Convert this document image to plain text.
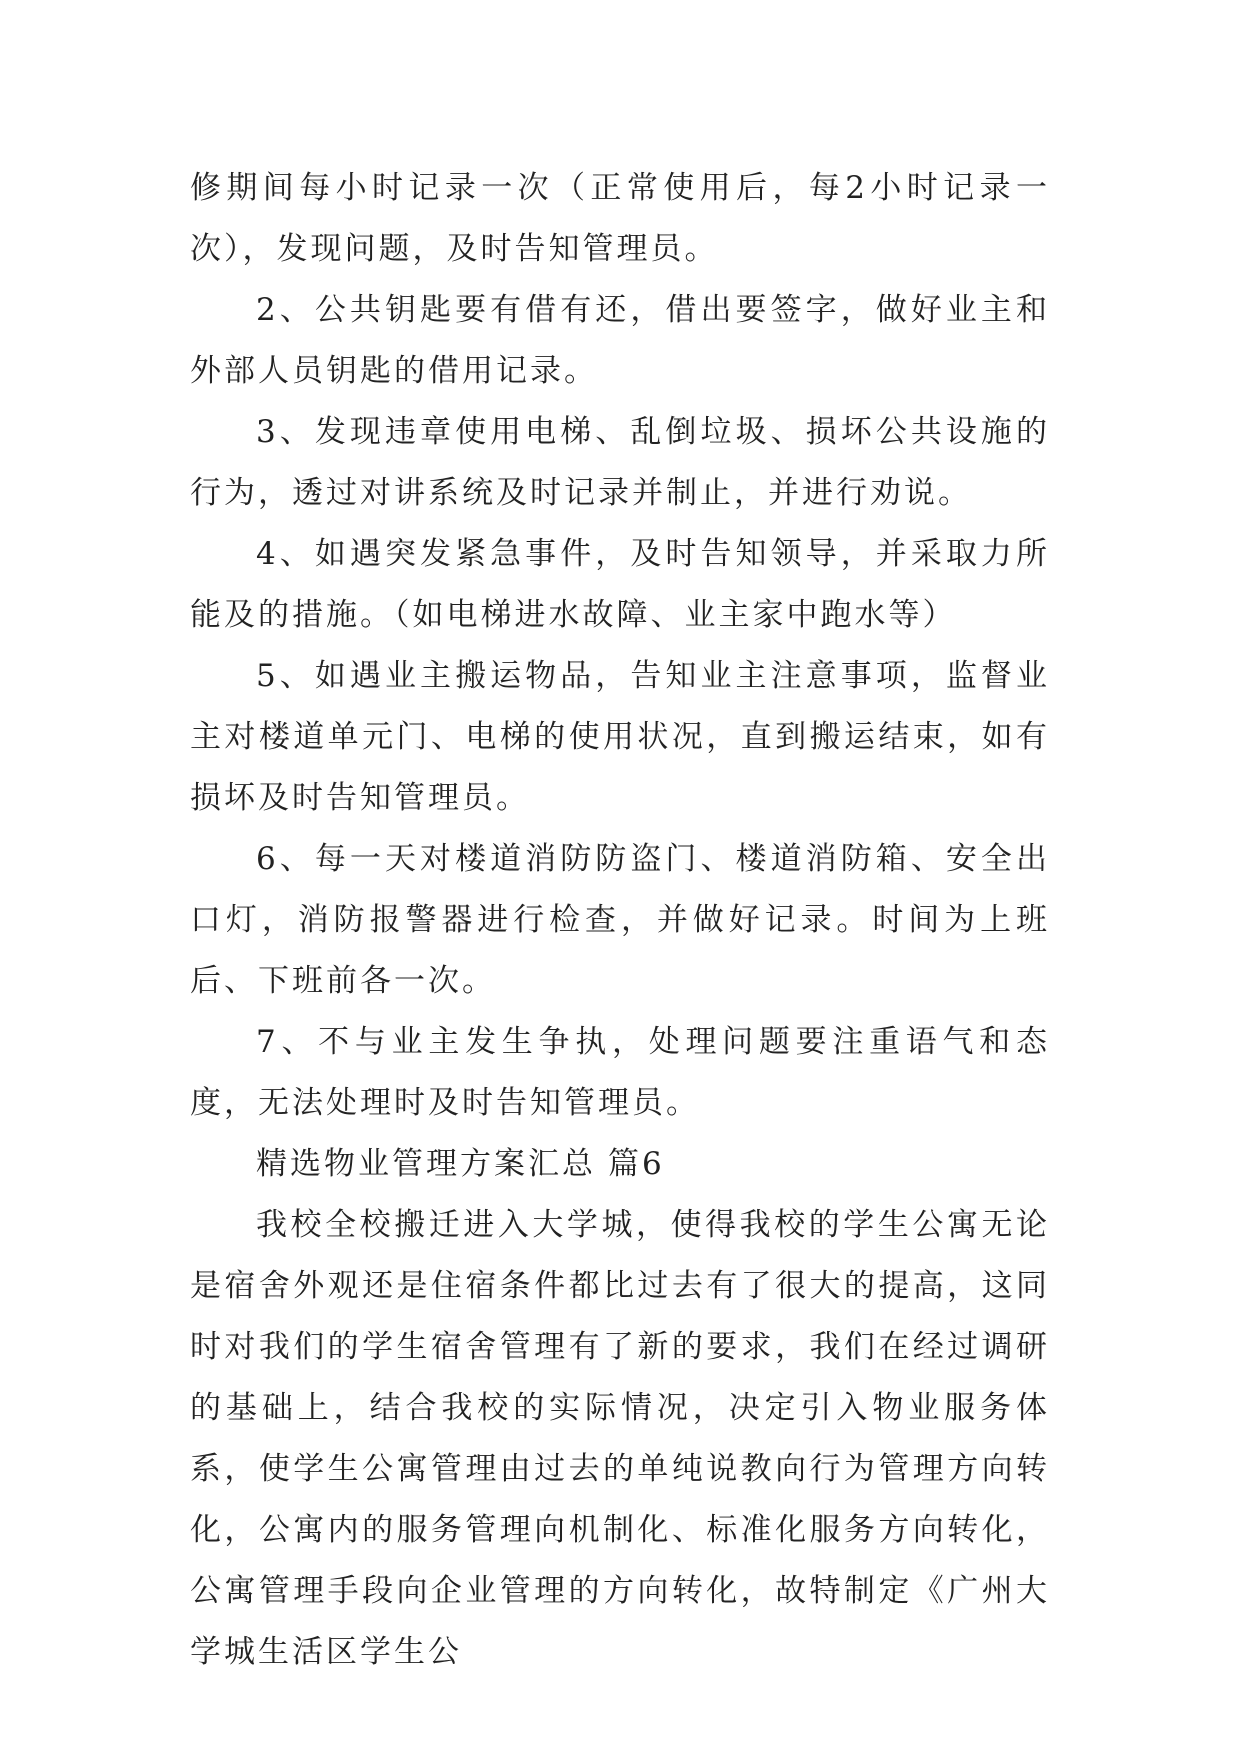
修期间每小时记录一次（正常使用后，每2小时记录一次），发现问题，及时告知管理员。

2、公共钥匙要有借有还，借出要签字，做好业主和外部人员钥匙的借用记录。

3、发现违章使用电梯、乱倒垃圾、损坏公共设施的行为，透过对讲系统及时记录并制止，并进行劝说。

4、如遇突发紧急事件，及时告知领导，并采取力所能及的措施。（如电梯进水故障、业主家中跑水等）

5、如遇业主搬运物品，告知业主注意事项，监督业主对楼道单元门、电梯的使用状况，直到搬运结束，如有损坏及时告知管理员。

6、每一天对楼道消防防盗门、楼道消防箱、安全出口灯，消防报警器进行检查，并做好记录。时间为上班后、下班前各一次。

7、不与业主发生争执，处理问题要注重语气和态度，无法处理时及时告知管理员。

精选物业管理方案汇总 篇6

我校全校搬迁进入大学城，使得我校的学生公寓无论是宿舍外观还是住宿条件都比过去有了很大的提高，这同时对我们的学生宿舍管理有了新的要求，我们在经过调研的基础上，结合我校的实际情况，决定引入物业服务体系，使学生公寓管理由过去的单纯说教向行为管理方向转化，公寓内的服务管理向机制化、标准化服务方向转化，公寓管理手段向企业管理的方向转化，故特制定《广州大学城生活区学生公
